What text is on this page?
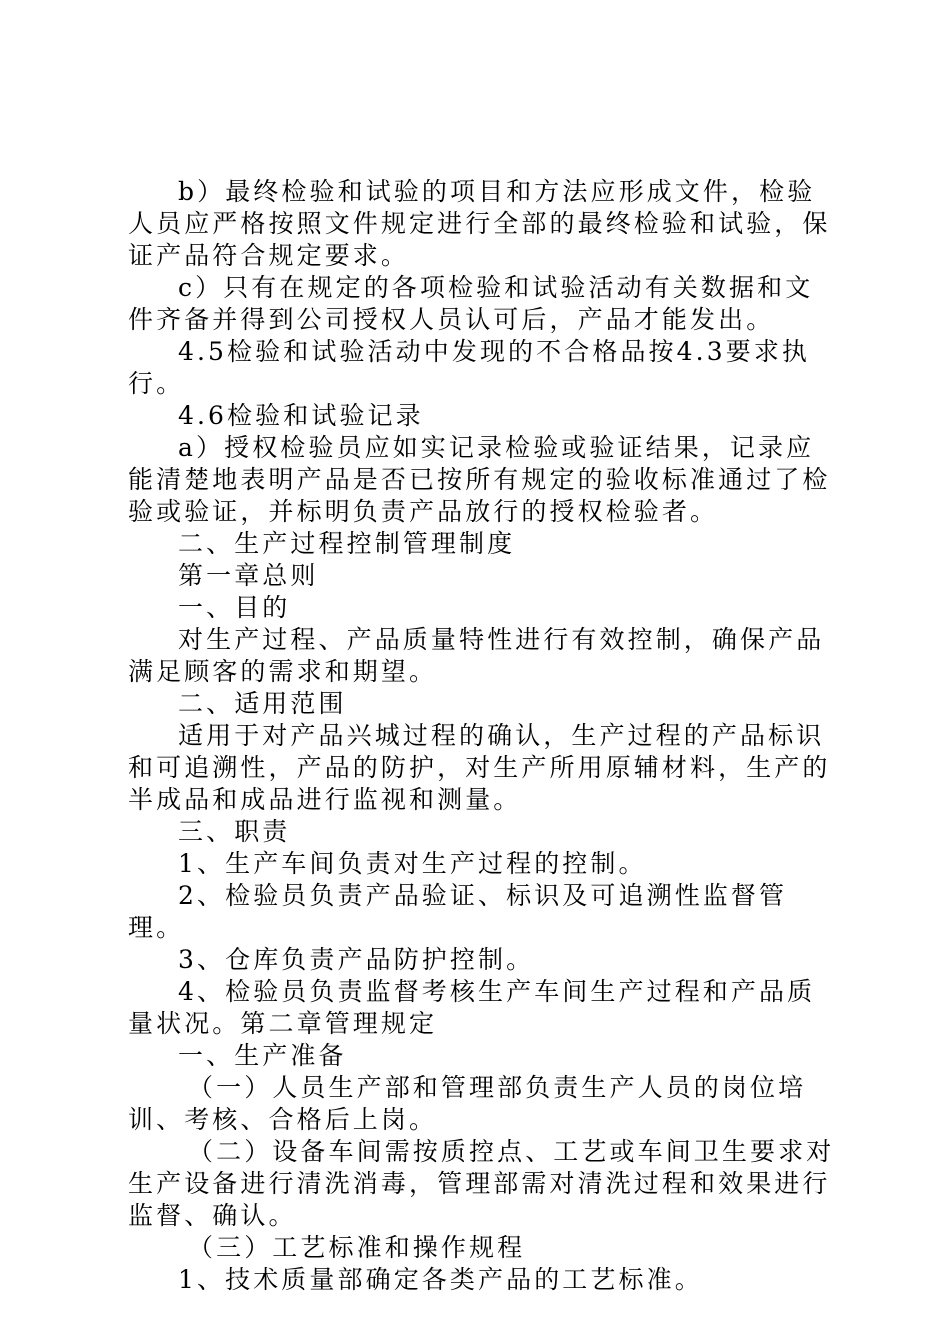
b）最终检验和试验的项目和方法应形成文件，检验人员应严格按照文件规定进行全部的最终检验和试验，保证产品符合规定要求。

c）只有在规定的各项检验和试验活动有关数据和文件齐备并得到公司授权人员认可后，产品才能发出。

4.5检验和试验活动中发现的不合格品按4.3要求执行。

4.6检验和试验记录

a）授权检验员应如实记录检验或验证结果，记录应能清楚地表明产品是否已按所有规定的验收标准通过了检验或验证，并标明负责产品放行的授权检验者。

二、生产过程控制管理制度

第一章总则

一、目的

对生产过程、产品质量特性进行有效控制，确保产品满足顾客的需求和期望。

二、适用范围

适用于对产品兴城过程的确认，生产过程的产品标识和可追溯性，产品的防护，对生产所用原辅材料，生产的半成品和成品进行监视和测量。

三、职责

1、生产车间负责对生产过程的控制。

2、检验员负责产品验证、标识及可追溯性监督管理。

3、仓库负责产品防护控制。

4、检验员负责监督考核生产车间生产过程和产品质量状况。第二章管理规定

一、生产准备

（一）人员生产部和管理部负责生产人员的岗位培训、考核、合格后上岗。

（二）设备车间需按质控点、工艺或车间卫生要求对生产设备进行清洗消毒，管理部需对清洗过程和效果进行监督、确认。

（三）工艺标准和操作规程

1、技术质量部确定各类产品的工艺标准。
